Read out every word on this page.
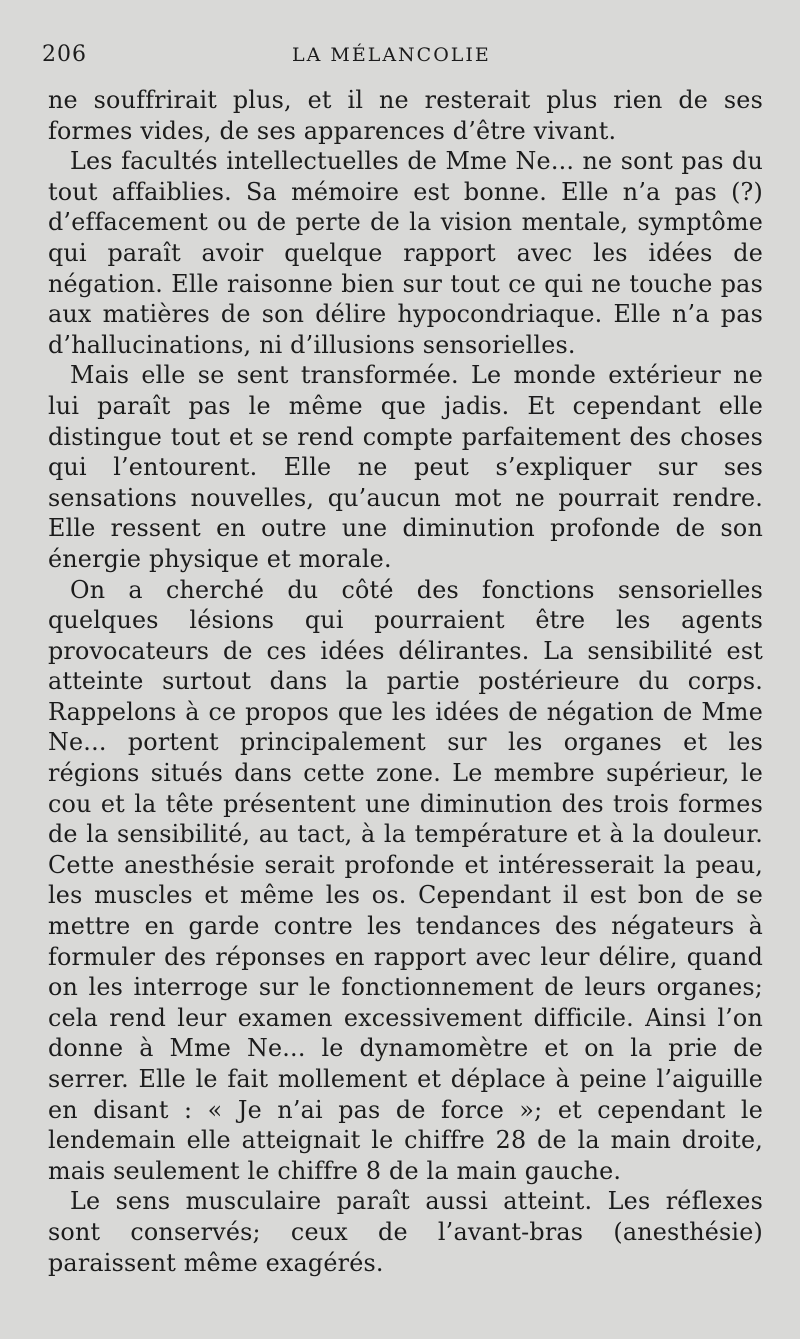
206	LA MÉLANCOLIE

ne souffrirait plus, et il ne resterait plus rien de ses formes vides, de ses apparences d’être vivant.

Les facultés intellectuelles de Mme Ne... ne sont pas du tout affaiblies. Sa mémoire est bonne. Elle n’a pas (?) d’effacement ou de perte de la vision mentale, symptôme qui paraît avoir quelque rapport avec les idées de négation. Elle raisonne bien sur tout ce qui ne touche pas aux matières de son délire hypocondriaque. Elle n’a pas d’hallucinations, ni d’illusions sensorielles.

Mais elle se sent transformée. Le monde extérieur ne lui paraît pas le même que jadis. Et cependant elle distingue tout et se rend compte parfaitement des choses qui l’entourent. Elle ne peut s’expliquer sur ses sensations nouvelles, qu’aucun mot ne pourrait rendre. Elle ressent en outre une diminution profonde de son énergie physique et morale.

On a cherché du côté des fonctions sensorielles quelques lésions qui pourraient être les agents provocateurs de ces idées délirantes. La sensibilité est atteinte surtout dans la partie postérieure du corps. Rappelons à ce propos que les idées de négation de Mme Ne... portent principalement sur les organes et les régions situés dans cette zone. Le membre supérieur, le cou et la tête présentent une diminution des trois formes de la sensibilité, au tact, à la température et à la douleur. Cette anesthésie serait profonde et intéresserait la peau, les muscles et même les os. Cependant il est bon de se mettre en garde contre les tendances des négateurs à formuler des réponses en rapport avec leur délire, quand on les interroge sur le fonctionnement de leurs organes; cela rend leur examen excessivement difficile. Ainsi l’on donne à Mme Ne... le dynamomètre et on la prie de serrer. Elle le fait mollement et déplace à peine l’aiguille en disant : « Je n’ai pas de force »; et cependant le lendemain elle atteignait le chiffre 28 de la main droite, mais seulement le chiffre 8 de la main gauche.

Le sens musculaire paraît aussi atteint. Les réflexes sont conservés; ceux de l’avant-bras (anesthésie) paraissent même exagérés.
